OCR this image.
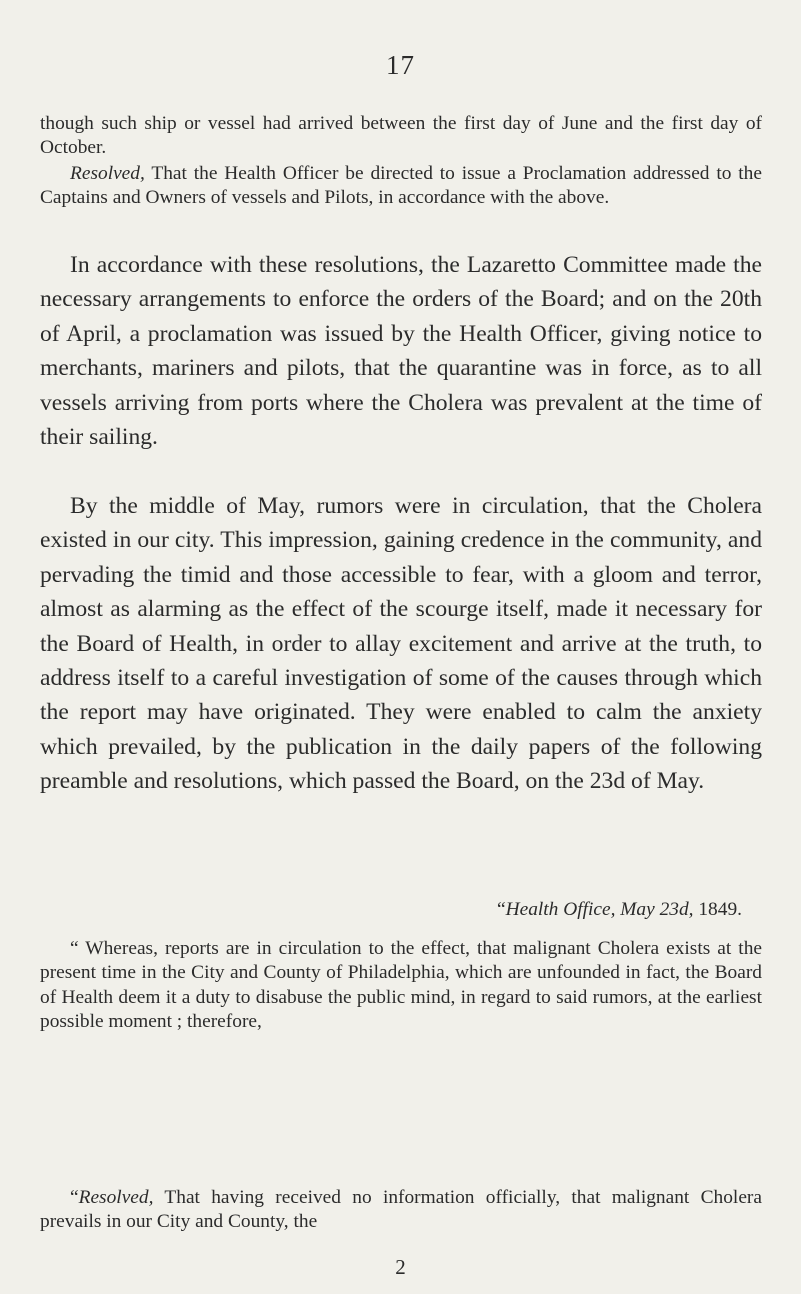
17

though such ship or vessel had arrived between the first day of June and the first day of October.

Resolved, That the Health Officer be directed to issue a Proclamation addressed to the Captains and Owners of vessels and Pilots, in accordance with the above.

In accordance with these resolutions, the Lazaretto Committee made the necessary arrangements to enforce the orders of the Board; and on the 20th of April, a proclamation was issued by the Health Officer, giving notice to merchants, mariners and pilots, that the quarantine was in force, as to all vessels arriving from ports where the Cholera was prevalent at the time of their sailing.

By the middle of May, rumors were in circulation, that the Cholera existed in our city. This impression, gaining credence in the community, and pervading the timid and those accessible to fear, with a gloom and terror, almost as alarming as the effect of the scourge itself, made it necessary for the Board of Health, in order to allay excitement and arrive at the truth, to address itself to a careful investigation of some of the causes through which the report may have originated. They were enabled to calm the anxiety which prevailed, by the publication in the daily papers of the following preamble and resolutions, which passed the Board, on the 23d of May.

“Health Office, May 23d, 1849.

“ Whereas, reports are in circulation to the effect, that malignant Cholera exists at the present time in the City and County of Philadelphia, which are unfounded in fact, the Board of Health deem it a duty to disabuse the public mind, in regard to said rumors, at the earliest possible moment ; therefore,

“Resolved, That having received no information officially, that malignant Cholera prevails in our City and County, the

2
